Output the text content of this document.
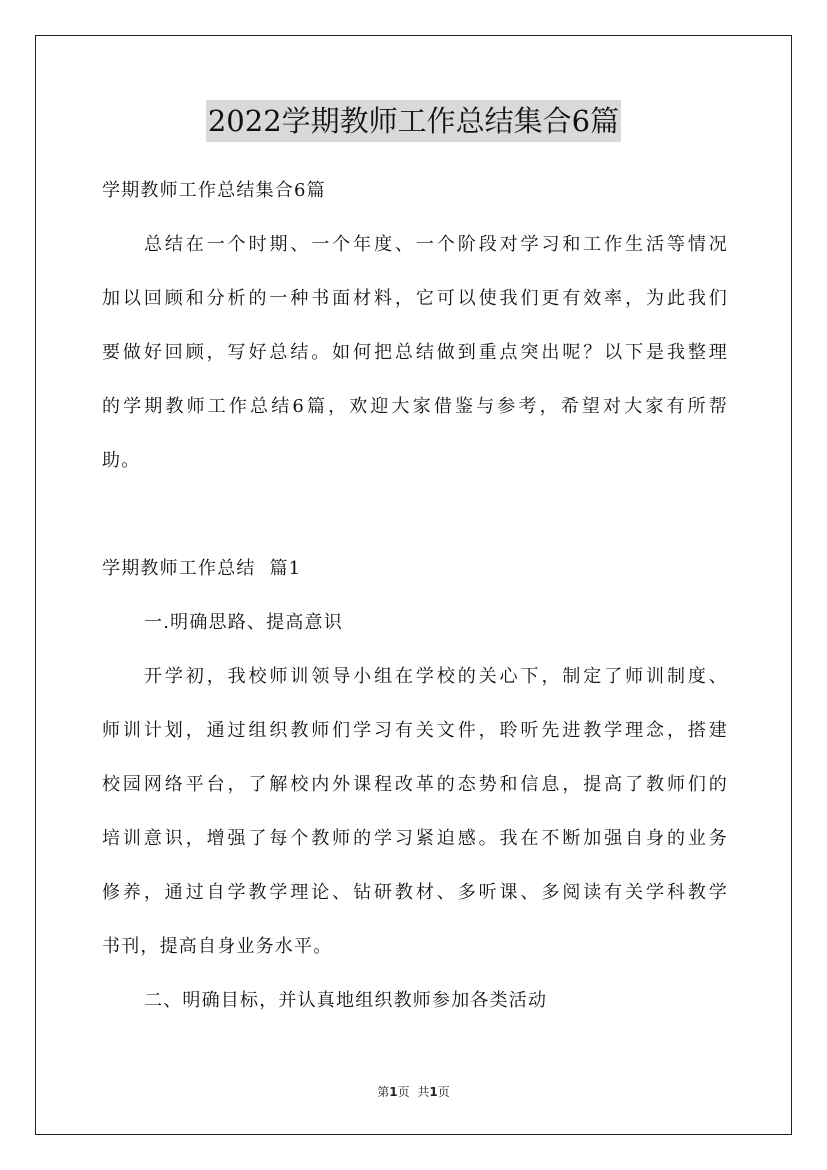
2022学期教师工作总结集合6篇
学期教师工作总结集合6篇
总结在一个时期、一个年度、一个阶段对学习和工作生活等情况
加以回顾和分析的一种书面材料，它可以使我们更有效率，为此我们
要做好回顾，写好总结。如何把总结做到重点突出呢？以下是我整理
的学期教师工作总结6篇，欢迎大家借鉴与参考，希望对大家有所帮
助。
学期教师工作总结  篇1
一.明确思路、提高意识
开学初，我校师训领导小组在学校的关心下，制定了师训制度、
师训计划，通过组织教师们学习有关文件，聆听先进教学理念，搭建
校园网络平台，了解校内外课程改革的态势和信息，提高了教师们的
培训意识，增强了每个教师的学习紧迫感。我在不断加强自身的业务
修养，通过自学教学理论、钻研教材、多听课、多阅读有关学科教学
书刊，提高自身业务水平。
二、明确目标，并认真地组织教师参加各类活动
第1页 共1页
